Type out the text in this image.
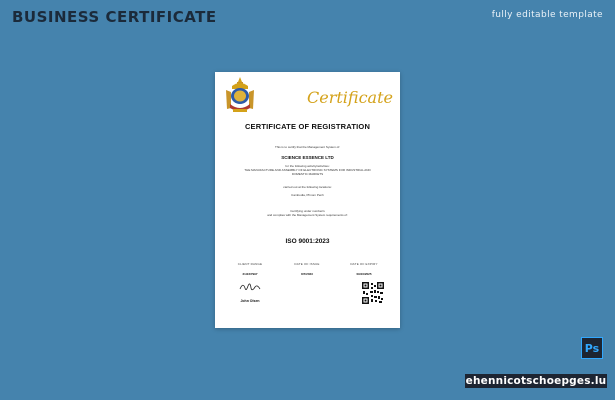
BUSINESS CERTIFICATE	fully editable template
Certificate
CERTIFICATE OF REGISTRATION
This is to certify that the Management System of:
SCIENCE ESSENCE LTD
for the following activity/activities:
THE MANUFACTURE AND ASSEMBLY OF ELECTRONIC SYSTEMS FOR INDUSTRIAL AND DOMESTIC MARKETS
carried out at the following locations:
Cambodia, Phnom Penh
Certifying under number/s
and complies with the Management System requirements of:
ISO 9001:2023
CLIENT RANGE
21/23/7997
DATE OF ISSUE
8/7/2023
DATE OF EXPIRY
09/10/2025
John Olsen
Ps
ehennicotschoepges.lu
